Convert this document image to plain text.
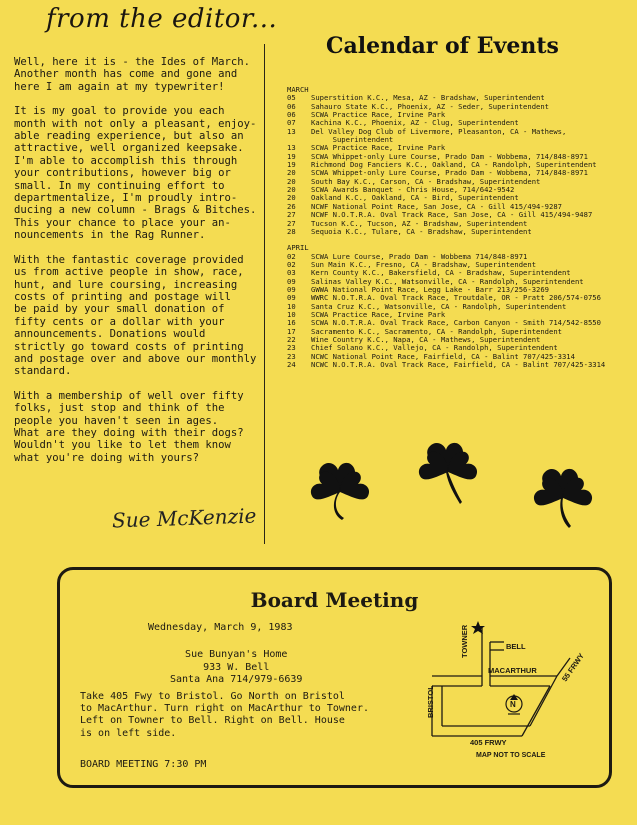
from the editor...

Well, here it is - the Ides of March.
Another month has come and gone and
here I am again at my typewriter!

It is my goal to provide you each
month with not only a pleasant, enjoy-
able reading experience, but also an
attractive, well organized keepsake.
I'm able to accomplish this through
your contributions, however big or
small. In my continuing effort to
departmentalize, I'm proudly intro-
ducing a new column - Brags & Bitches.
This your chance to place your an-
nouncements in the Rag Runner.

With the fantastic coverage provided
us from active people in show, race,
hunt, and lure coursing, increasing
costs of printing and postage will
be paid by your small donation of
fifty cents or a dollar with your
announcements. Donations would
strictly go toward costs of printing
and postage over and above our monthly
standard.

With a membership of well over fifty
folks, just stop and think of the
people you haven't seen in ages.
What are they doing with their dogs?
Wouldn't you like to let them know
what you're doing with yours?

Sue McKenzie
Calendar of Events
MARCH
05	Superstition K.C., Mesa, AZ - Bradshaw, Superintendent
06	Sahauro State K.C., Phoenix, AZ - Seder, Superintendent
06	SCWA Practice Race, Irvine Park
07	Kachina K.C., Phoenix, AZ - Clug, Superintendent
13	Del Valley Dog Club of Livermore, Pleasanton, CA - Mathews,
Superintendent
13	SCWA Practice Race, Irvine Park
19	SCWA Whippet-only Lure Course, Prado Dam - Wobbema, 714/848-8971
19	Richmond Dog Fanciers K.C., Oakland, CA - Randolph, Superintendent
20	SCWA Whippet-only Lure Course, Prado Dam - Wobbema, 714/848-8971
20	South Bay K.C., Carson, CA - Bradshaw, Superintendent
20	SCWA Awards Banquet - Chris House, 714/642-9542
20	Oakland K.C., Oakland, CA - Bird, Superintendent
26	NCWF National Point Race, San Jose, CA - Gill 415/494-9287
27	NCWF N.O.T.R.A. Oval Track Race, San Jose, CA - Gill 415/494-9487
27	Tucson K.C., Tucson, AZ - Bradshaw, Superintendent
28	Sequoia K.C., Tulare, CA - Bradshaw, Superintendent
APRIL
02	SCWA Lure Course, Prado Dam - Wobbema 714/848-8971
02	Sun Main K.C., Fresno, CA - Bradshaw, Superintendent
03	Kern County K.C., Bakersfield, CA - Bradshaw, Superintendent
09	Salinas Valley K.C., Watsonville, CA - Randolph, Superintendent
09	GWWA National Point Race, Legg Lake - Barr 213/256-3269
09	WWRC N.O.T.R.A. Oval Track Race, Troutdale, OR - Pratt 206/574-0756
10	Santa Cruz K.C., Watsonville, CA - Randolph, Superintendent
10	SCWA Practice Race, Irvine Park
16	SCWA N.O.T.R.A. Oval Track Race, Carbon Canyon - Smith 714/542-8550
17	Sacramento K.C., Sacramento, CA - Randolph, Superintendent
22	Wine Country K.C., Napa, CA - Mathews, Superintendent
23	Chief Solano K.C., Vallejo, CA - Randolph, Superintendent
23	NCWC National Point Race, Fairfield, CA - Balint 707/425-3314
24	NCWC N.O.T.R.A. Oval Track Race, Fairfield, CA - Balint 707/425-3314
Board Meeting
Wednesday, March 9, 1983
Sue Bunyan's Home
933 W. Bell
Santa Ana 714/979-6639
Take 405 Fwy to Bristol. Go North on Bristol
to MacArthur. Turn right on MacArthur to Towner.
Left on Towner to Bell. Right on Bell. House
is on left side.
BOARD MEETING 7:30 PM
TOWNER	BELL
MACARTHUR
BRISTOL	N
405 FRWY
55 FRWY
MAP NOT TO SCALE
